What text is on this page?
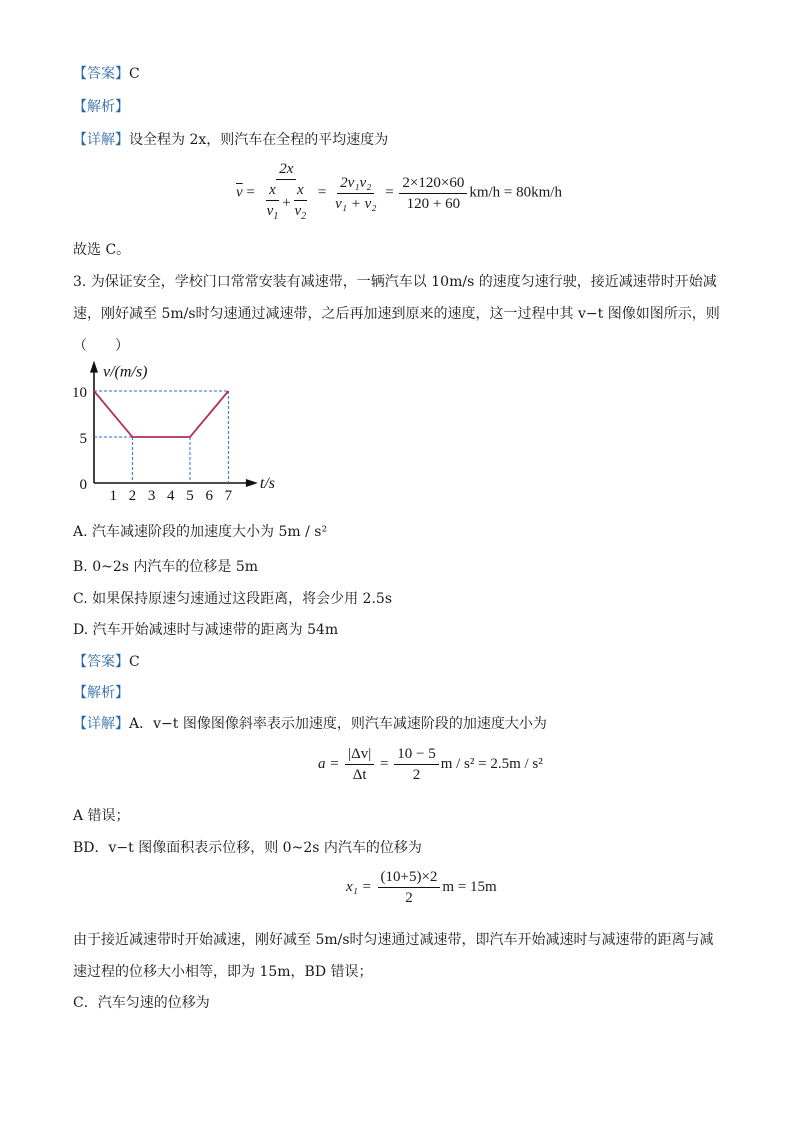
【答案】C
【解析】
【详解】设全程为 2x，则汽车在全程的平均速度为
$\overline{v} = \frac{2x}{\frac{x}{v_1} + \frac{x}{v_2}} = \frac{\text{2v₁v₂}}{\text{v₁ + v₂}} = \frac{2\times 120\times 60}{120 + 60} km/h = 80km/h$
故选 C。
3. 为保证安全，学校门口常常安装有减速带，一辆汽车以 10m/s 的速度匀速行驶，接近减速带时开始减
速，刚好减至 5m/s时匀速通过减速带，之后再加速到原来的速度，这一过程中其 v−t 图像如图所示，则
（　　）
1 2 3 4 5 6 7
10
5
0
v/(m/s)
t/s
A. 汽车减速阶段的加速度大小为 5m / s²
B. 0~2s 内汽车的位移是 5m
C. 如果保持原速匀速通过这段距离，将会少用 2.5s
D. 汽车开始减速时与减速带的距离为 54m
【答案】C
【解析】
【详解】A．v−t 图像图像斜率表示加速度，则汽车减速阶段的加速度大小为
$a = \frac{|\Delta v|}{\Delta t} = \frac{10 - 5}{2}$ m / s² = 2.5m / s²
A 错误；
BD．v−t 图像面积表示位移，则 0~2s 内汽车的位移为
$x_1 = \frac{(10+5)\times 2}{2}$ m = 15m
由于接近减速带时开始减速，刚好减至 5m/s时匀速通过减速带，即汽车开始减速时与减速带的距离与减
速过程的位移大小相等，即为 15m，BD 错误；
C．汽车匀速的位移为
